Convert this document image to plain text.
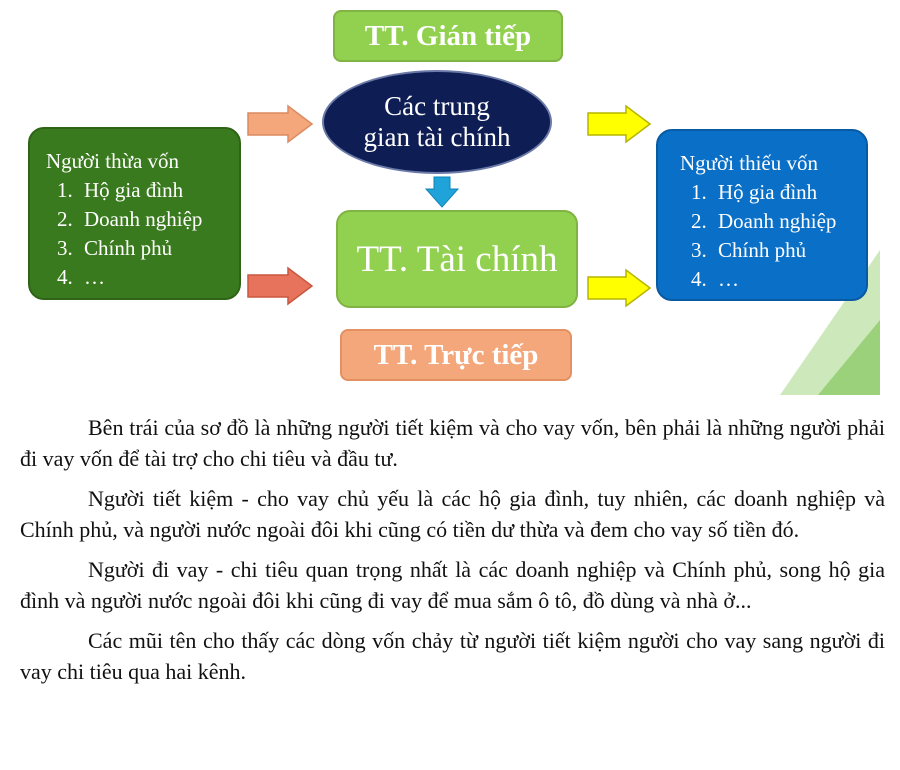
TT. Gián tiếp
Các trung
gian tài chính
TT. Tài chính
TT. Trực tiếp
Người thừa vốn
1. Hộ gia đình
2. Doanh nghiệp
3. Chính phủ
4. …
Người thiếu vốn
1. Hộ gia đình
2. Doanh nghiệp
3. Chính phủ
4. …

Bên trái của sơ đồ là những người tiết kiệm và cho vay vốn, bên phải là những người phải đi vay vốn để tài trợ cho chi tiêu và đầu tư.

Người tiết kiệm - cho vay chủ yếu là các hộ gia đình, tuy nhiên, các doanh nghiệp và Chính phủ, và người nước ngoài đôi khi cũng có tiền dư thừa và đem cho vay số tiền đó.

Người đi vay - chi tiêu quan trọng nhất là các doanh nghiệp và Chính phủ, song hộ gia đình và người nước ngoài đôi khi cũng đi vay để mua sắm ô tô, đồ dùng và nhà ở...

Các mũi tên cho thấy các dòng vốn chảy từ người tiết kiệm người cho vay sang người đi vay chi tiêu qua hai kênh.
